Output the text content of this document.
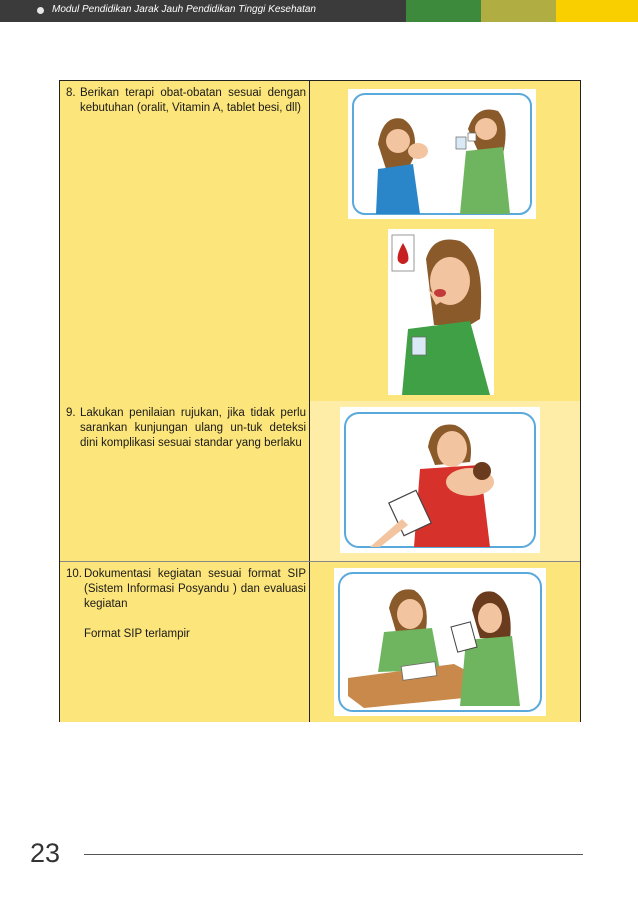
Modul Pendidikan Jarak Jauh Pendidikan Tinggi Kesehatan
8. Berikan terapi obat-obatan sesuai dengan kebutuhan (oralit, Vitamin A, tablet besi, dll)
9. Lakukan penilaian rujukan, jika tidak perlu sarankan kunjungan ulang un-tuk deteksi dini komplikasi sesuai standar yang berlaku
10. Dokumentasi kegiatan sesuai format SIP (Sistem Informasi Posyandu ) dan evaluasi kegiatan
Format SIP terlampir
23
